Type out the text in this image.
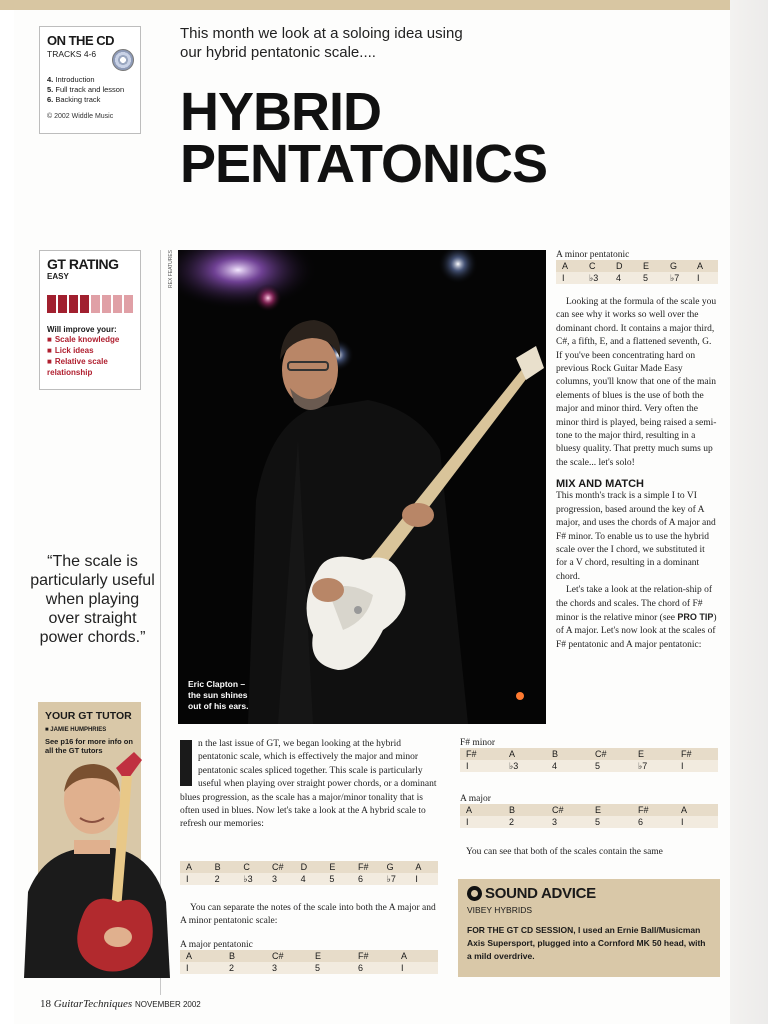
ON THE CD
TRACKS 4-6
4. Introduction
5. Full track and lesson
6. Backing track
© 2002 Widdle Music
This month we look at a soloing idea using our hybrid pentatonic scale....
HYBRID
PENTATONICS
GT RATING
EASY
Will improve your:
■ Scale knowledge
■ Lick ideas
■ Relative scale relationship
REX FEATURES
“The scale is particularly useful when playing over straight power chords.”
Eric Clapton –
the sun shines
out of his ears.
A minor pentatonic
A	C	D	E	G	A
I	♭3	4	5	♭7	I

Looking at the formula of the scale you can see why it works so well over the dominant chord. It contains a major third, C#, a fifth, E, and a flattened seventh, G. If you've been concentrating hard on previous Rock Guitar Made Easy columns, you'll know that one of the main elements of blues is the use of both the major and minor third. Very often the minor third is played, being raised a semi-tone to the major third, resulting in a bluesy quality. That pretty much sums up the scale... let's solo!

MIX AND MATCH

This month's track is a simple I to VI progression, based around the key of A major, and uses the chords of A major and F# minor. To enable us to use the hybrid scale over the I chord, we substituted it for a V chord, resulting in a dominant chord.

Let's take a look at the relation-ship of the chords and scales. The chord of F# minor is the relative minor (see PRO TIP) of A major. Let's now look at the scales of F# pentatonic and A major pentatonic:

n the last issue of GT, we began looking at the hybrid pentatonic scale, which is effectively the major and minor pentatonic scales spliced together. This scale is particularly useful when playing over straight power chords, or a dominant blues progression, as the scale has a major/minor tonality that is often used in blues. Now let's take a look at the A hybrid scale to refresh our memories:
A	B	C	C#	D	E	F#	G	A
I	2	♭3	3	4	5	6	♭7	I

You can separate the notes of the scale into both the A major and A minor pentatonic scale:

A major pentatonic
A	B	C#	E	F#	A
I	2	3	5	6	I
F# minor
F#	A	B	C#	E	F#
I	♭3	4	5	♭7	I
A major
A	B	C#	E	F#	A
I	2	3	5	6	I

You can see that both of the scales contain the same

YOUR GT TUTOR
■ JAMIE HUMPHRIES
See p16 for more info on all the GT tutors
SOUND ADVICE
VIBEY HYBRIDS
FOR THE GT CD SESSION, I used an Ernie Ball/Musicman Axis Supersport, plugged into a Cornford MK 50 head, with a mild overdrive.
18 GuitarTechniques NOVEMBER 2002
